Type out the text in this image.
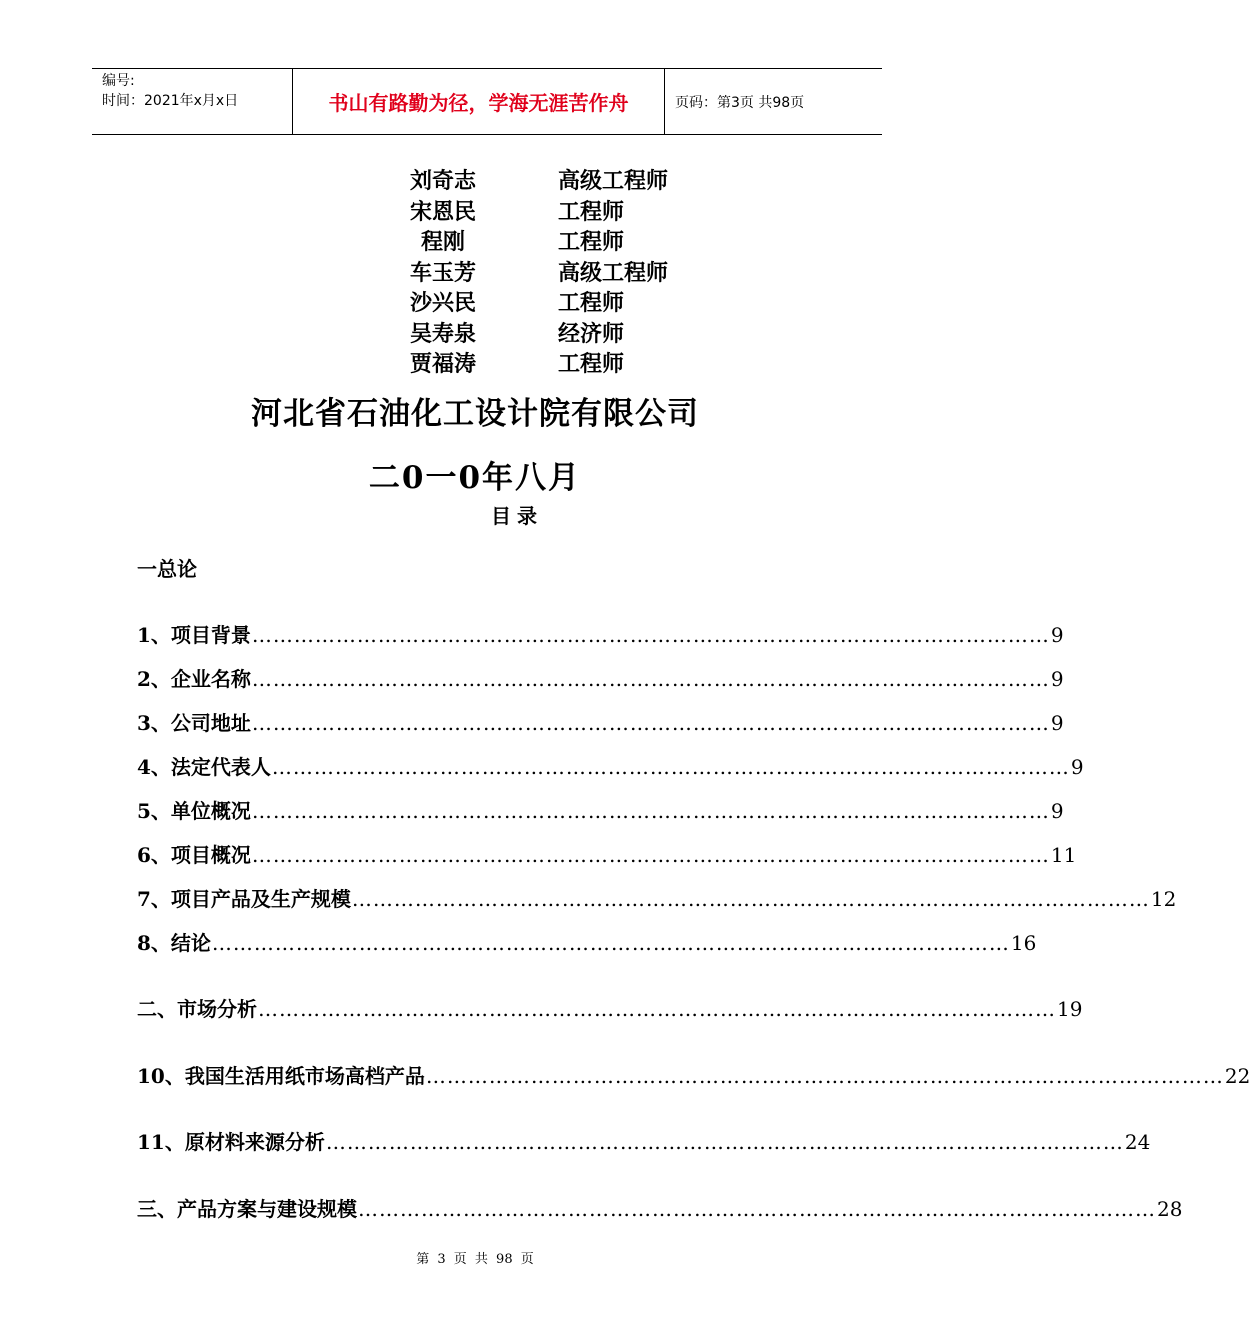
编号:
时间：2021年x月x日	书山有路勤为径，学海无涯苦作舟	页码：第3页 共98页
刘奇志	高级工程师
宋恩民	工程师
程刚	工程师
车玉芳	高级工程师
沙兴民	工程师
吴寿泉	经济师
贾福涛	工程师
河北省石油化工设计院有限公司
二0一0年八月
目录
一总论
1、 项目背景 …………………………………………………………………………………………………… 9
2、 企业名称 …………………………………………………………………………………………………… 9
3、 公司地址 …………………………………………………………………………………………………… 9
4、 法定代表人 …………………………………………………………………………………………………… 9
5、 单位概况 …………………………………………………………………………………………………… 9
6、 项目概况 …………………………………………………………………………………………………… 11
7、 项目产品及生产规模 …………………………………………………………………………………………………… 12
8、 结论 …………………………………………………………………………………………………… 16
二、市场分析 …………………………………………………………………………………………………… 19
10、我国生活用纸市场高档产品 …………………………………………………………………………………………………… 22
11、原材料来源分析 …………………………………………………………………………………………………… 24
三、产品方案与建设规模 …………………………………………………………………………………………………… 28
第 3 页 共 98 页
